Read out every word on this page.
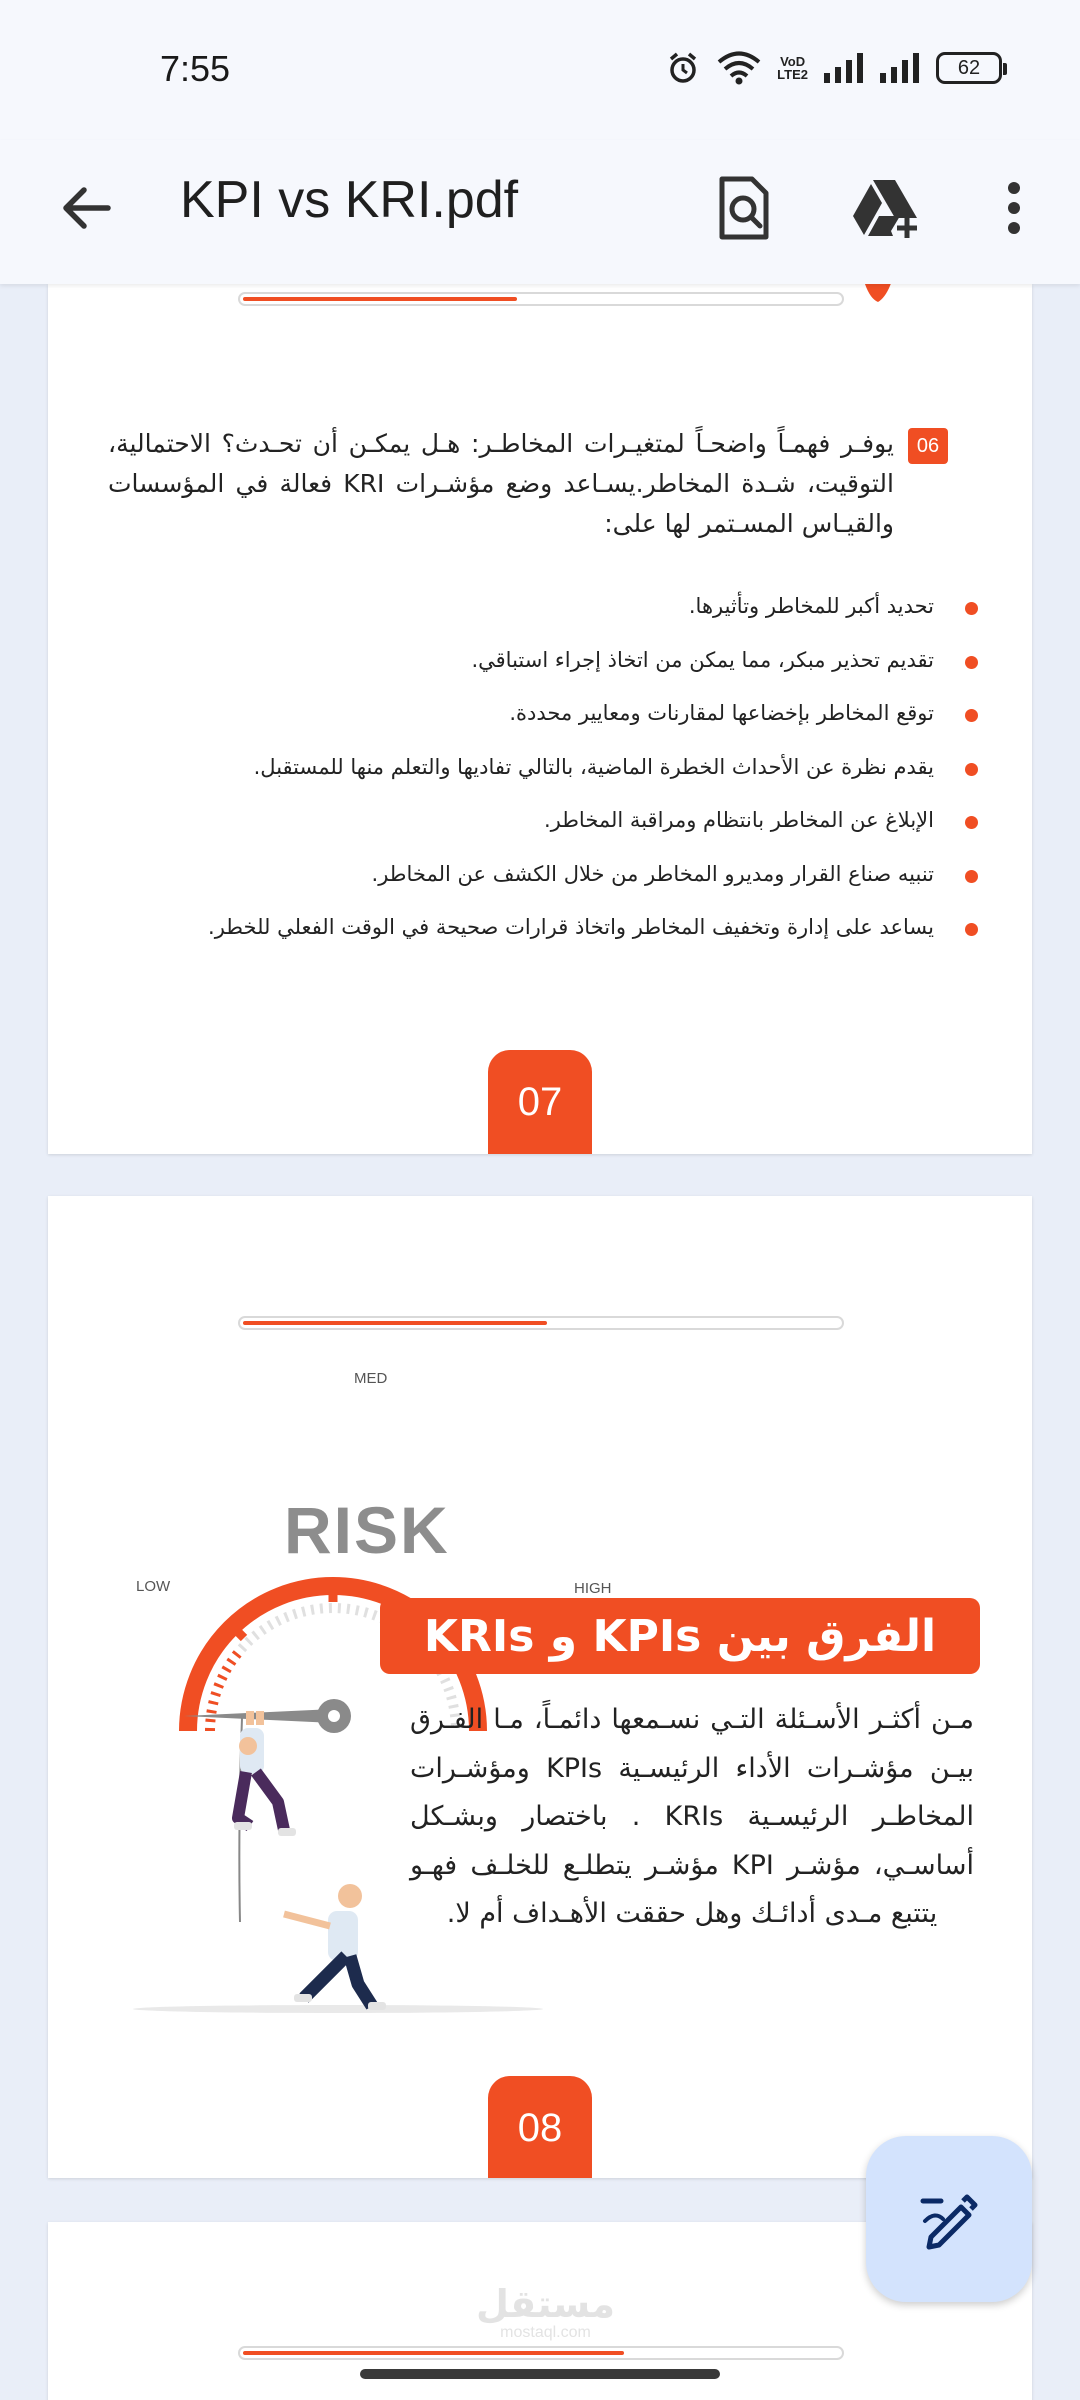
7:55	VoD
LTE2	62
KPI vs KRI.pdf
06
يوفـر فهمـاً واضحـاً لمتغيـرات المخاطـر: هـل يمكـن أن تحـدث؟ الاحتمالية، التوقيت، شـدة المخاطر.يسـاعد وضع مؤشـرات KRI فعالة في المؤسسات والقيـاس المسـتمر لها على:
تحديد أكبر للمخاطر وتأثيرها.
تقديم تحذير مبكر، مما يمكن من اتخاذ إجراء استباقي.
توقع المخاطر بإخضاعها لمقارنات ومعايير محددة.
يقدم نظرة عن الأحداث الخطرة الماضية، بالتالي تفاديها والتعلم منها للمستقبل.
الإبلاغ عن المخاطر بانتظام ومراقبة المخاطر.
تنبيه صناع القرار ومديرو المخاطر من خلال الكشف عن المخاطر.
يساعد على إدارة وتخفيف المخاطر واتخاذ قرارات صحيحة في الوقت الفعلي للخطر.
07
MED
LOW	HIGH
RISK
الفرق بين KPIs و KRIs
مـن أكثـر الأسـئلة التـي نسـمعها دائمـاً، مـا الفـرق بيـن مؤشـرات الأداء الرئيسـية KPIs ومؤشـرات المخاطـر الرئيسـية KRIs . باختصار وبشـكل أساسـي، مؤشـر KPI مؤشـر يتطلـع للخلـف فهـو يتتبع مـدى أدائـك وهل حققت الأهـداف أم لا.
08
مستقل
mostaql.com
